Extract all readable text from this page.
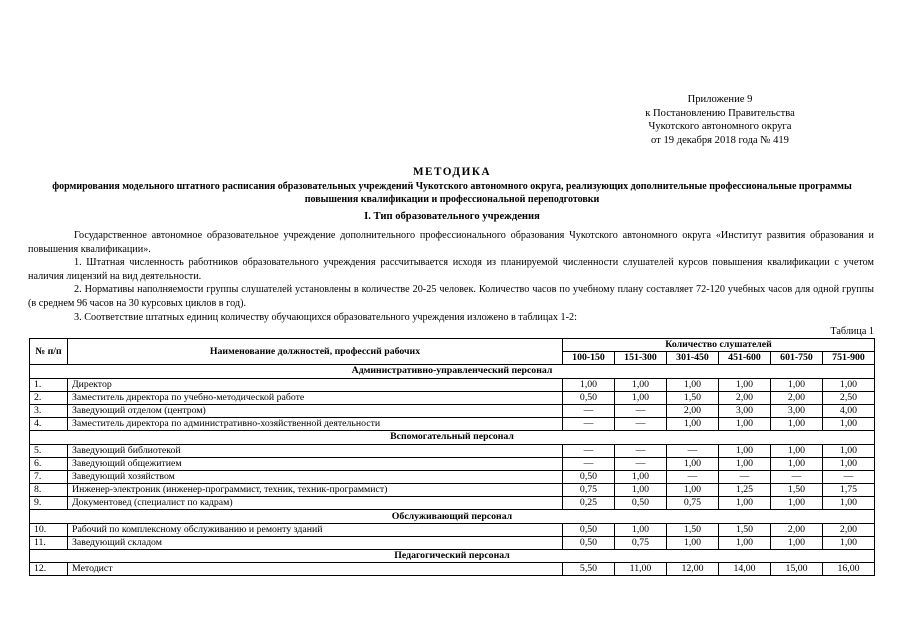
Приложение 9
к Постановлению Правительства
Чукотского автономного округа
от 19 декабря 2018 года № 419
МЕТОДИКА
формирования модельного штатного расписания образовательных учреждений Чукотского автономного округа, реализующих дополнительные профессиональные программы повышения квалификации и профессиональной переподготовки
I. Тип образовательного учреждения

Государственное автономное образовательное учреждение дополнительного профессионального образования Чукотского автономного округа «Институт развития образования и повышения квалификации».

1. Штатная численность работников образовательного учреждения рассчитывается исходя из планируемой численности слушателей курсов повышения квалификации с учетом наличия лицензий на вид деятельности.

2. Нормативы наполняемости группы слушателей установлены в количестве 20-25 человек. Количество часов по учебному плану составляет 72-120 учебных часов для одной группы (в среднем 96 часов на 30 курсовых циклов в год).

3. Соответствие штатных единиц количеству обучающихся образовательного учреждения изложено в таблицах 1-2:

Таблица 1
№ п/п	Наименование должностей, профессий рабочих	Количество слушателей					
		100-150	151-300	301-450	451-600	601-750	751-900
Административно-управленческий персонал							
1.	Директор	1,00	1,00	1,00	1,00	1,00	1,00
2.	Заместитель директора по учебно-методической работе	0,50	1,00	1,50	2,00	2,00	2,50
3.	Заведующий отделом (центром)	—	—	2,00	3,00	3,00	4,00
4.	Заместитель директора по административно-хозяйственной деятельности	—	—	1,00	1,00	1,00	1,00
Вспомогательный персонал							
5.	Заведующий библиотекой	—	—	—	1,00	1,00	1,00
6.	Заведующий общежитием	—	—	1,00	1,00	1,00	1,00
7.	Заведующий хозяйством	0,50	1,00	—	—	—	—
8.	Инженер-электроник (инженер-программист, техник, техник-программист)	0,75	1,00	1,00	1,25	1,50	1,75
9.	Документовед (специалист по кадрам)	0,25	0,50	0,75	1,00	1,00	1,00
Обслуживающий персонал							
10.	Рабочий по комплексному обслуживанию и ремонту зданий	0,50	1,00	1,50	1,50	2,00	2,00
11.	Заведующий складом	0,50	0,75	1,00	1,00	1,00	1,00
Педагогический персонал							
12.	Методист	5,50	11,00	12,00	14,00	15,00	16,00
